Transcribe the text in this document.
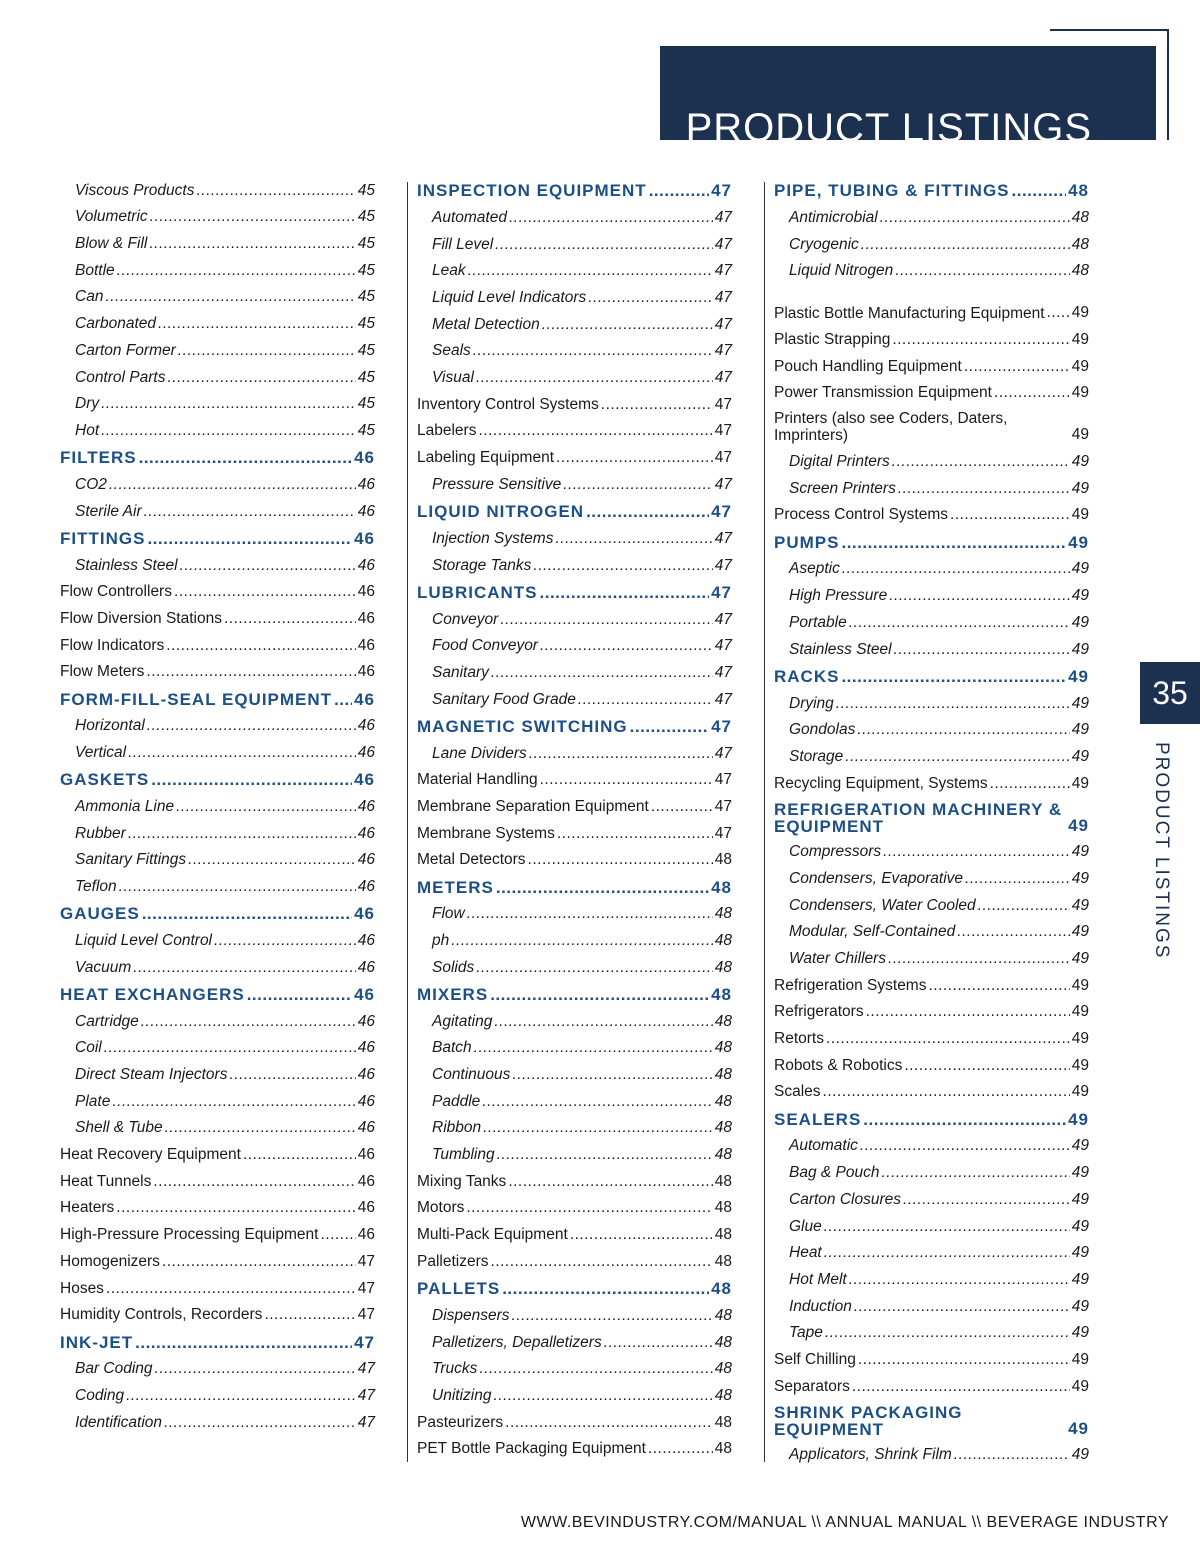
PRODUCT LISTINGS
35
PRODUCT LISTINGS
Viscous Products .....	45
Volumetric .....	45
Blow & Fill .....	45
Bottle .....	45
Can .....	45
Carbonated .....	45
Carton Former .....	45
Control Parts .....	45
Dry .....	45
Hot .....	45
FILTERS .....	46
CO2 .....	46
Sterile Air .....	46
FITTINGS .....	46
Stainless Steel .....	46
Flow Controllers .....	46
Flow Diversion Stations .....	46
Flow Indicators .....	46
Flow Meters .....	46
FORM-FILL-SEAL EQUIPMENT ..... 46
Horizontal .....	46
Vertical .....	46
GASKETS .....	46
Ammonia Line .....	46
Rubber .....	46
Sanitary Fittings .....	46
Teflon .....	46
GAUGES .....	46
Liquid Level Control .....	46
Vacuum .....	46
HEAT EXCHANGERS .....	46
Cartridge .....	46
Coil .....	46
Direct Steam Injectors .....	46
Plate .....	46
Shell & Tube .....	46
Heat Recovery Equipment .....	46
Heat Tunnels .....	46
Heaters .....	46
High-Pressure Processing Equipment .....	46
Homogenizers .....	47
Hoses .....	47
Humidity Controls, Recorders .....	47
INK-JET .....	47
Bar Coding .....	47
Coding .....	47
Identification .....	47
INSPECTION EQUIPMENT .....	47
Automated .....	47
Fill Level .....	47
Leak .....	47
Liquid Level Indicators .....	47
Metal Detection .....	47
Seals .....	47
Visual .....	47
Inventory Control Systems .....	47
Labelers .....	47
Labeling Equipment .....	47
Pressure Sensitive .....	47
LIQUID NITROGEN .....	47
Injection Systems .....	47
Storage Tanks .....	47
LUBRICANTS .....	47
Conveyor .....	47
Food Conveyor .....	47
Sanitary .....	47
Sanitary Food Grade .....	47
MAGNETIC SWITCHING .....	47
Lane Dividers .....	47
Material Handling .....	47
Membrane Separation Equipment .....	47
Membrane Systems .....	47
Metal Detectors .....	48
METERS .....	48
Flow .....	48
ph .....	48
Solids .....	48
MIXERS .....	48
Agitating .....	48
Batch .....	48
Continuous .....	48
Paddle .....	48
Ribbon .....	48
Tumbling .....	48
Mixing Tanks .....	48
Motors .....	48
Multi-Pack Equipment .....	48
Palletizers .....	48
PALLETS .....	48
Dispensers .....	48
Palletizers, Depalletizers .....	48
Trucks .....	48
Unitizing .....	48
Pasteurizers .....	48
PET Bottle Packaging Equipment .....	48
PIPE, TUBING & FITTINGS .....	48
Antimicrobial .....	48
Cryogenic .....	48
Liquid Nitrogen .....	48
Plastic Bottle Manufacturing Equipment ..... 49
Plastic Strapping .....	49
Pouch Handling Equipment .....	49
Power Transmission Equipment .....	49
Printers (also see Coders, Daters, Imprinters)	49
Digital Printers .....	49
Screen Printers .....	49
Process Control Systems .....	49
PUMPS .....	49
Aseptic .....	49
High Pressure .....	49
Portable .....	49
Stainless Steel .....	49
RACKS .....	49
Drying .....	49
Gondolas .....	49
Storage .....	49
Recycling Equipment, Systems .....	49
REFRIGERATION MACHINERY & EQUIPMENT	49
Compressors .....	49
Condensers, Evaporative .....	49
Condensers, Water Cooled .....	49
Modular, Self-Contained .....	49
Water Chillers .....	49
Refrigeration Systems .....	49
Refrigerators .....	49
Retorts .....	49
Robots & Robotics .....	49
Scales .....	49
SEALERS .....	49
Automatic .....	49
Bag & Pouch .....	49
Carton Closures .....	49
Glue .....	49
Heat .....	49
Hot Melt .....	49
Induction .....	49
Tape .....	49
Self Chilling .....	49
Separators .....	49
SHRINK PACKAGING EQUIPMENT	49
Applicators, Shrink Film .....	49
WWW.BEVINDUSTRY.COM/MANUAL \\ ANNUAL MANUAL \\ BEVERAGE INDUSTRY
